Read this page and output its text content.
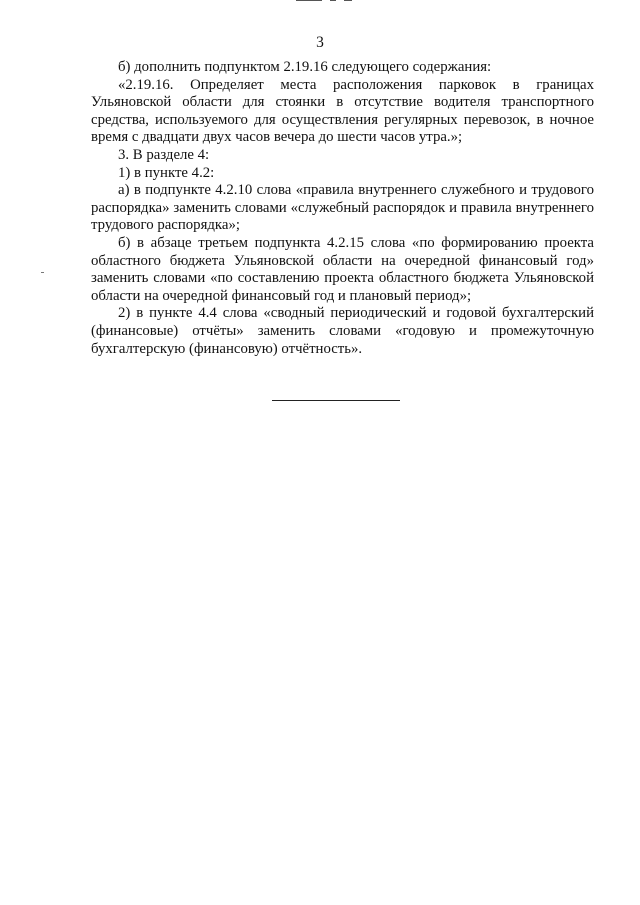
3

б) дополнить подпунктом 2.19.16 следующего содержания:

«2.19.16. Определяет места расположения парковок в границах Ульяновской области для стоянки в отсутствие водителя транспортного средства, используемого для осуществления регулярных перевозок, в ночное время с двадцати двух часов вечера до шести часов утра.»;

3. В разделе 4:

1) в пункте 4.2:

а) в подпункте 4.2.10 слова «правила внутреннего служебного и трудового распорядка» заменить словами «служебный распорядок и правила внутреннего трудового распорядка»;

б) в абзаце третьем подпункта 4.2.15 слова «по формированию проекта областного бюджета Ульяновской области на очередной финансовый год» заменить словами «по составлению проекта областного бюджета Ульяновской области на очередной финансовый год и плановый период»;

2) в пункте 4.4 слова «сводный периодический и годовой бухгалтерский (финансовые) отчёты» заменить словами «годовую и промежуточную бухгалтерскую (финансовую) отчётность».
